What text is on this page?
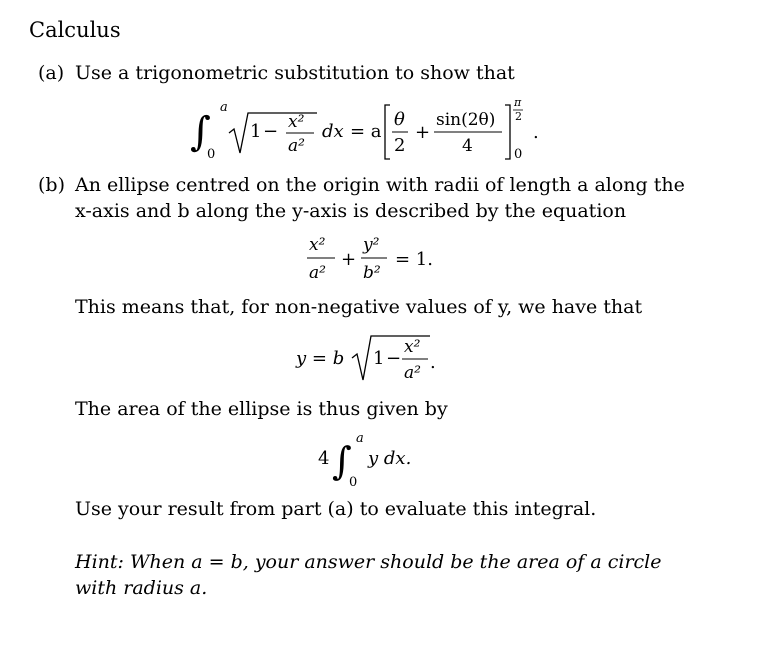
Calculus
(a) Use a trigonometric substitution to show that
∫
a
0
1 − x²
a²
dx = a
θ
2
+
sin(2θ)
4
π
2
0
.
(b) An ellipse centred on the origin with radii of length a along the
x-axis and b along the y-axis is described by the equation
x²
a²
+
y²
b²
= 1.
This means that, for non-negative values of y, we have that
y = b 1 −
x²
a² .
The area of the ellipse is thus given by
4 ∫
a
0
y dx.
Use your result from part (a) to evaluate this integral.
Hint: When a = b, your answer should be the area of a circle
with radius a.
